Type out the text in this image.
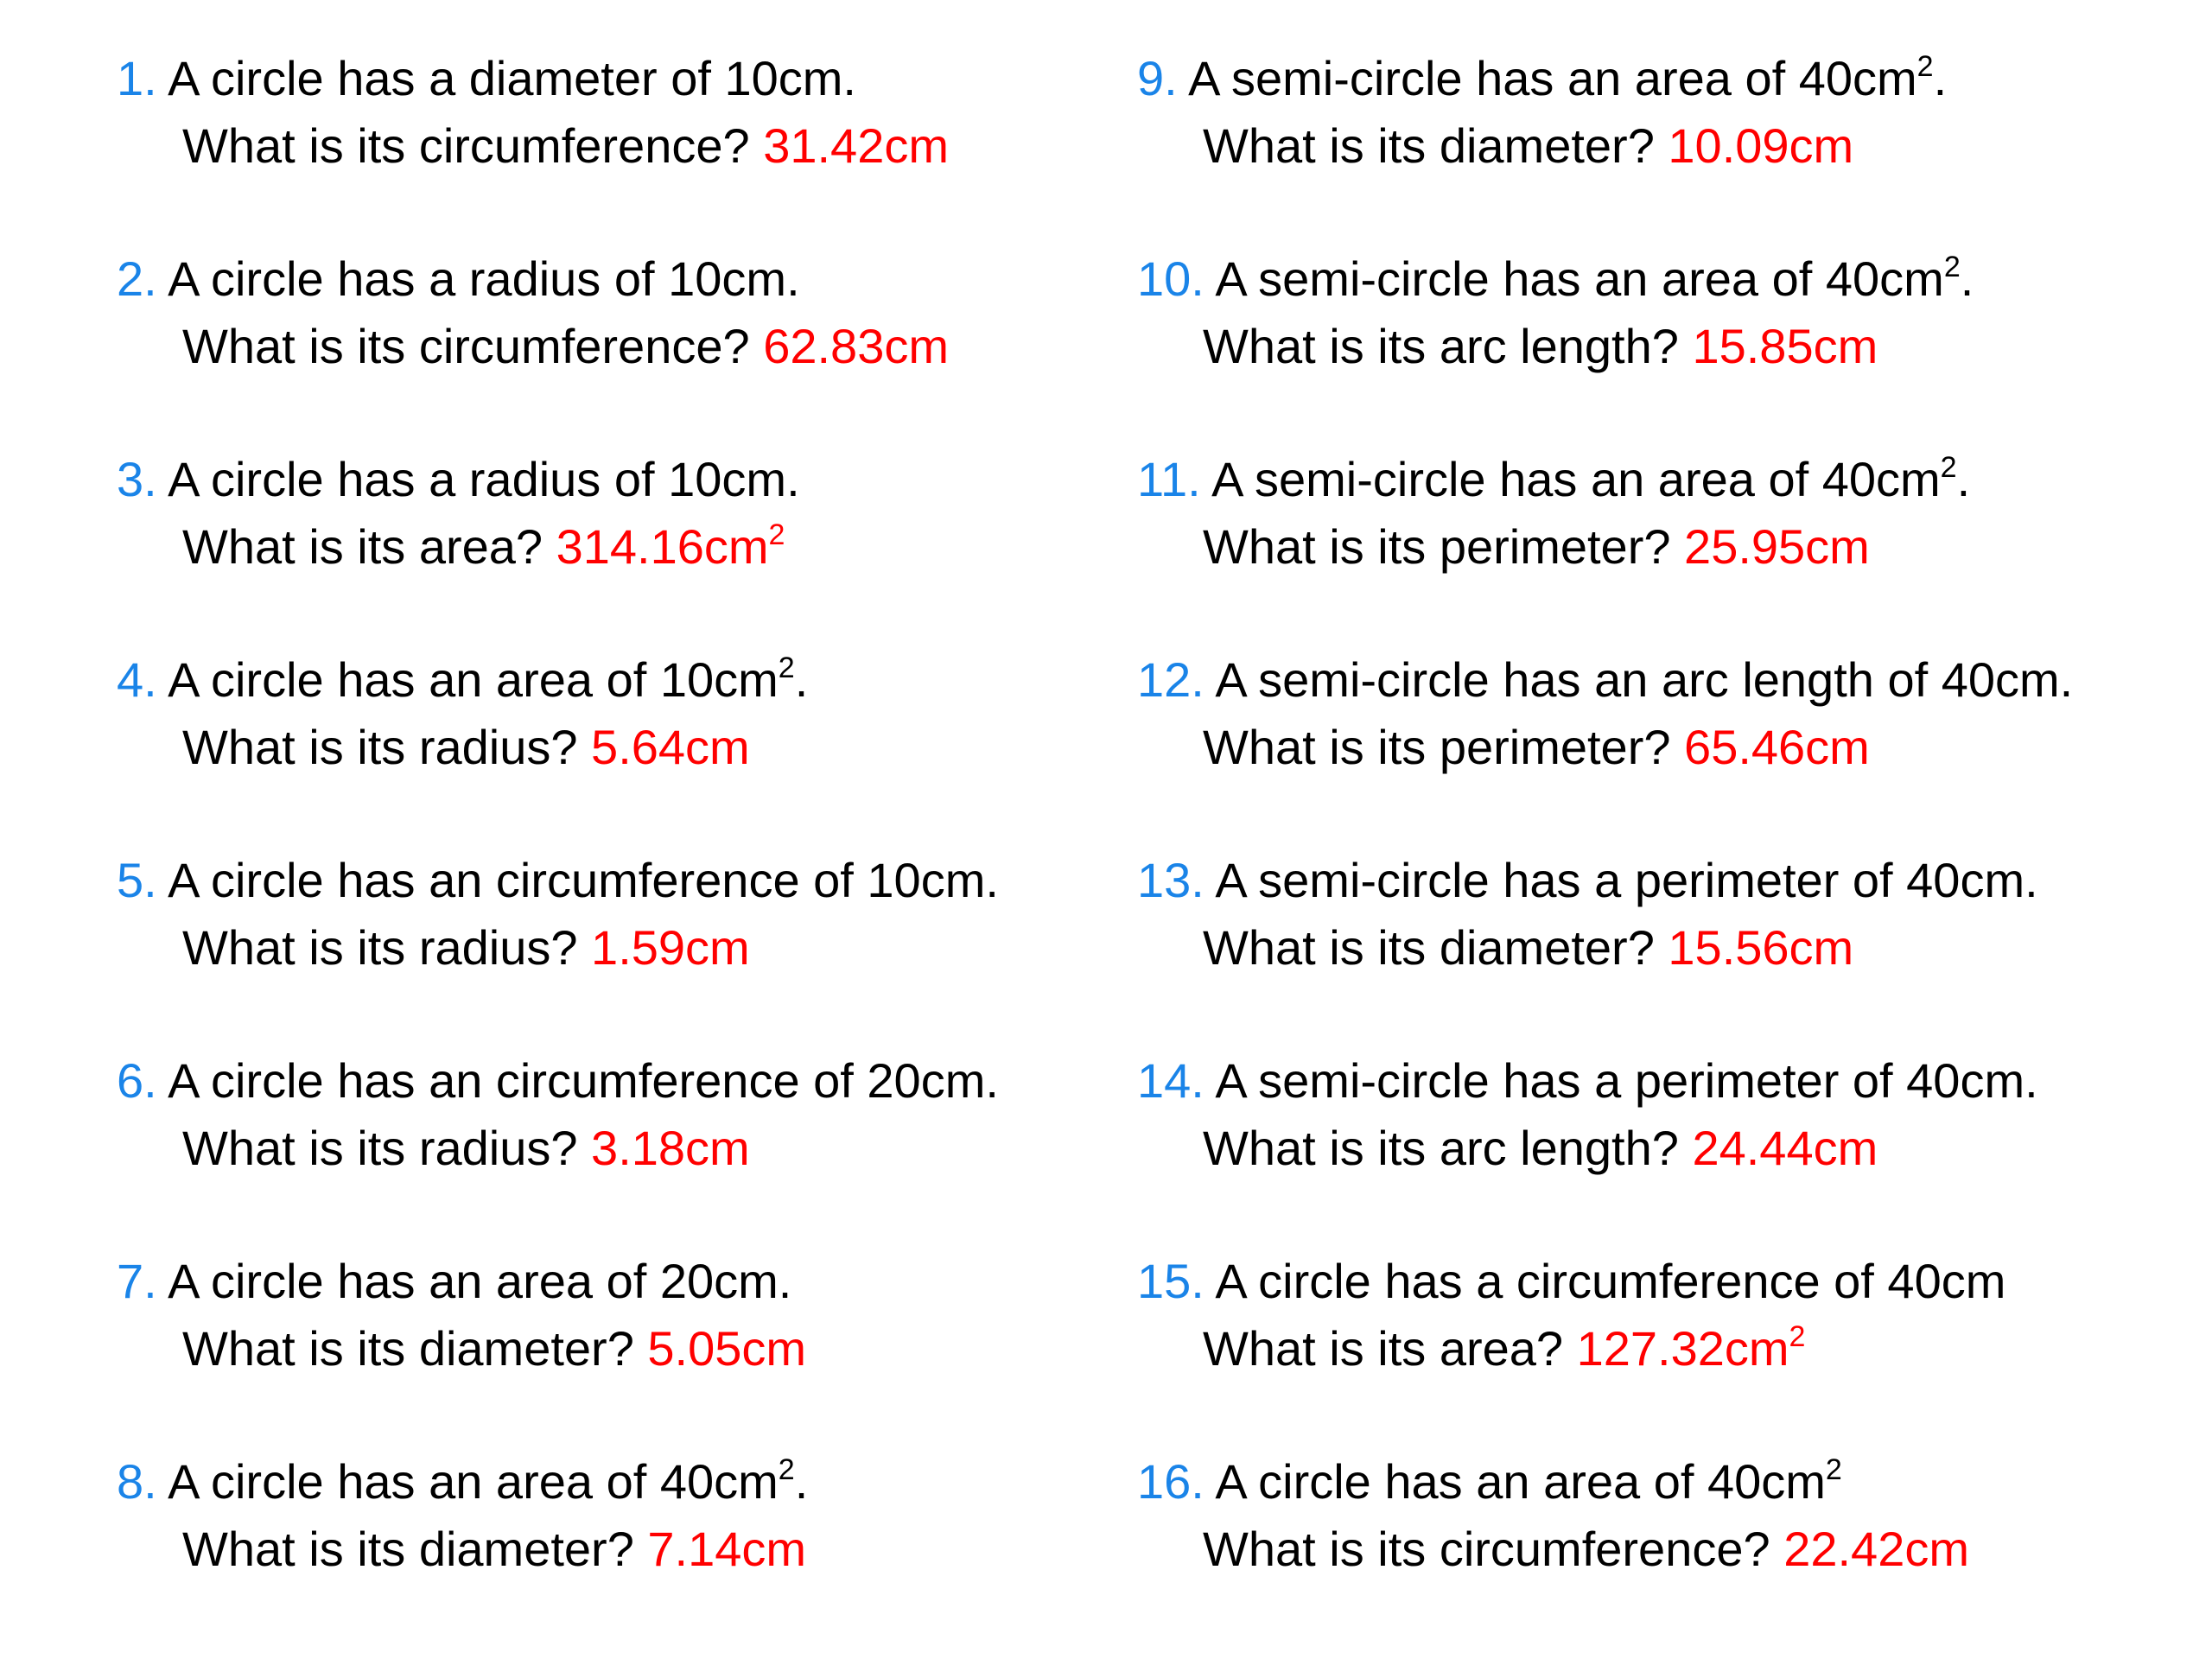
1. A circle has a diameter of 10cm.
What is its circumference? 31.42cm
2. A circle has a radius of 10cm.
What is its circumference? 62.83cm
3. A circle has a radius of 10cm.
What is its area? $314.16cm^2$
4. A circle has an area of $10cm^2$.
What is its radius? 5.64cm
5. A circle has an circumference of 10cm.
What is its radius? 1.59cm
6. A circle has an circumference of 20cm.
What is its radius? 3.18cm
7. A circle has an area of 20cm.
What is its diameter? 5.05cm
8. A circle has an area of $40cm^2$.
What is its diameter? 7.14cm
9. A semi-circle has an area of $40cm^2$.
What is its diameter? 10.09cm
10. A semi-circle has an area of $40cm^2$.
What is its arc length? 15.85cm
11. A semi-circle has an area of $40cm^2$.
What is its perimeter? 25.95cm
12. A semi-circle has an arc length of 40cm.
What is its perimeter? 65.46cm
13. A semi-circle has a perimeter of 40cm.
What is its diameter? 15.56cm
14. A semi-circle has a perimeter of 40cm.
What is its arc length? 24.44cm
15. A circle has a circumference of 40cm
What is its area? $127.32cm^2$
16. A circle has an area of $40cm^2$
What is its circumference? 22.42cm
